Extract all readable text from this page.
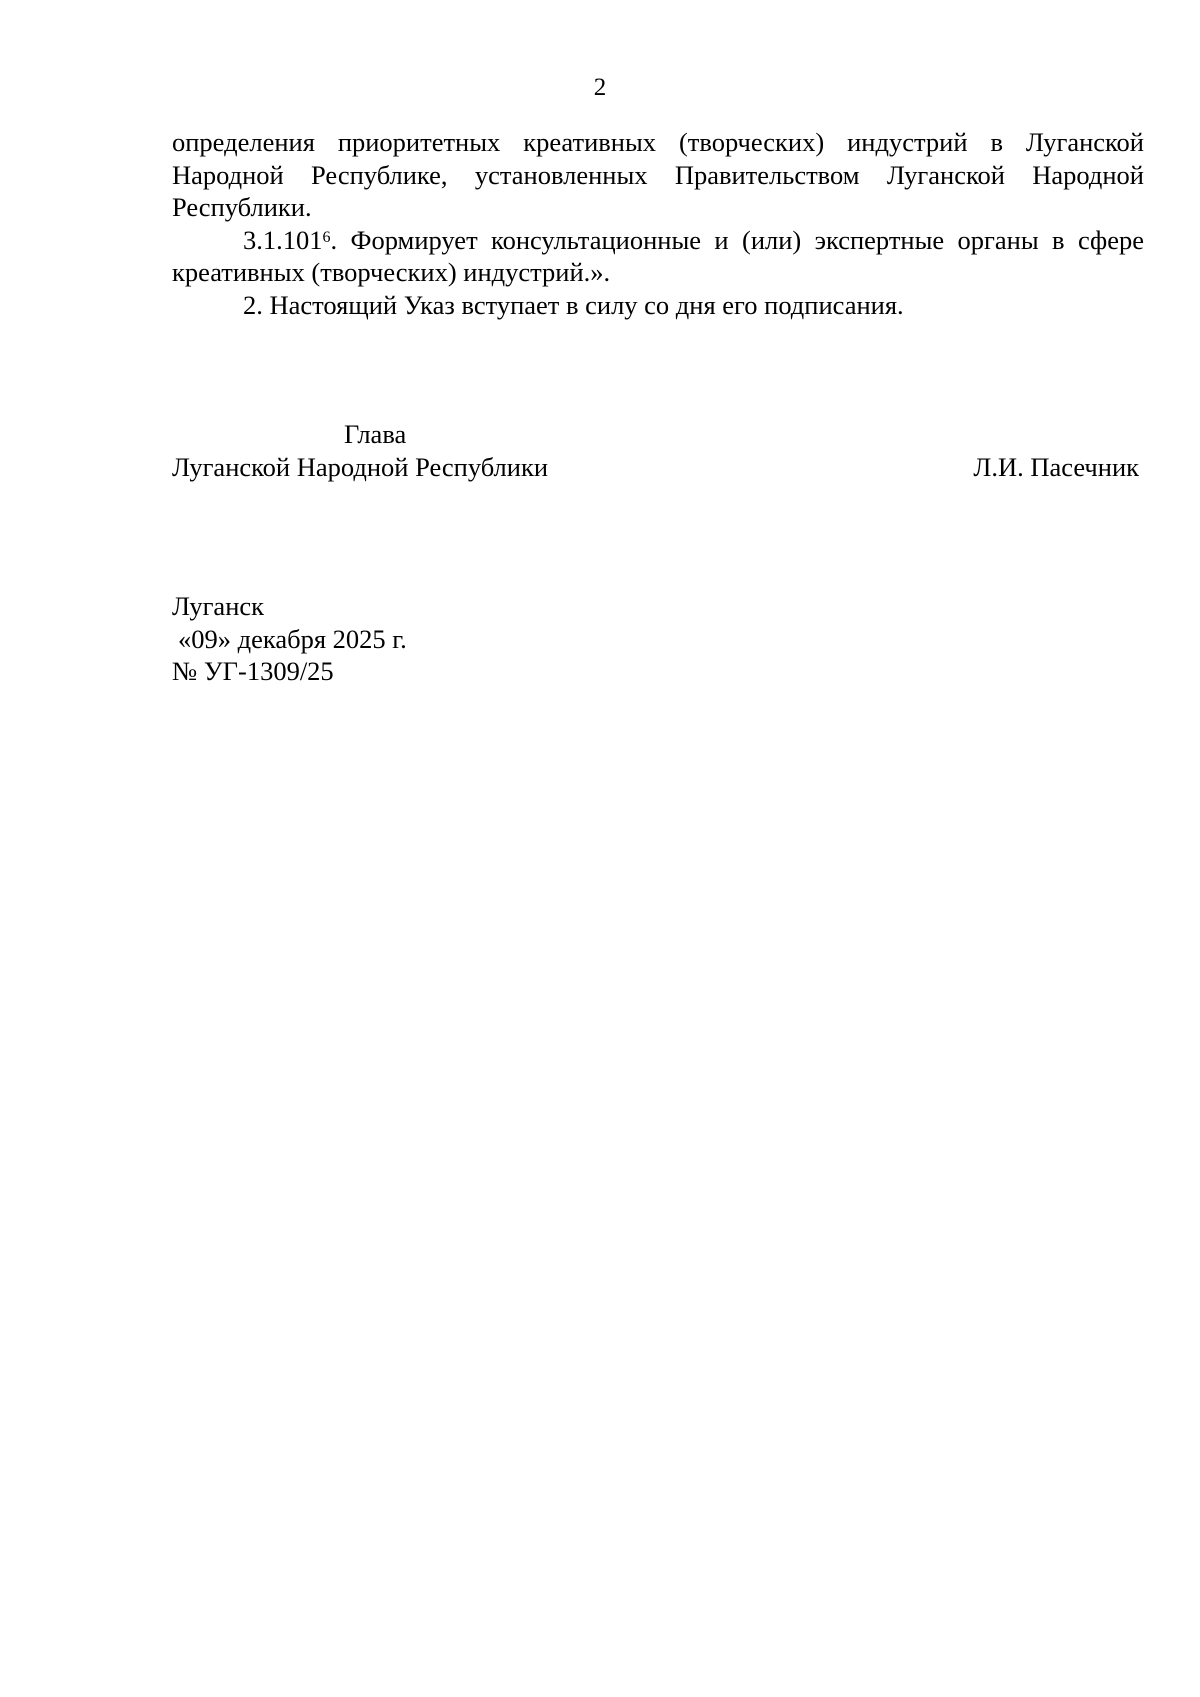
2

определения приоритетных креативных (творческих) индустрий в Луганской Народной Республике, установленных Правительством Луганской Народной Республики.

3.1.101$^6$. Формирует консультационные и (или) экспертные органы в сфере креативных (творческих) индустрий.».

2. Настоящий Указ вступает в силу со дня его подписания.

Глава
Луганской Народной Республики	Л.И. Пасечник
Луганск
«09» декабря 2025 г.
№ УГ-1309/25
